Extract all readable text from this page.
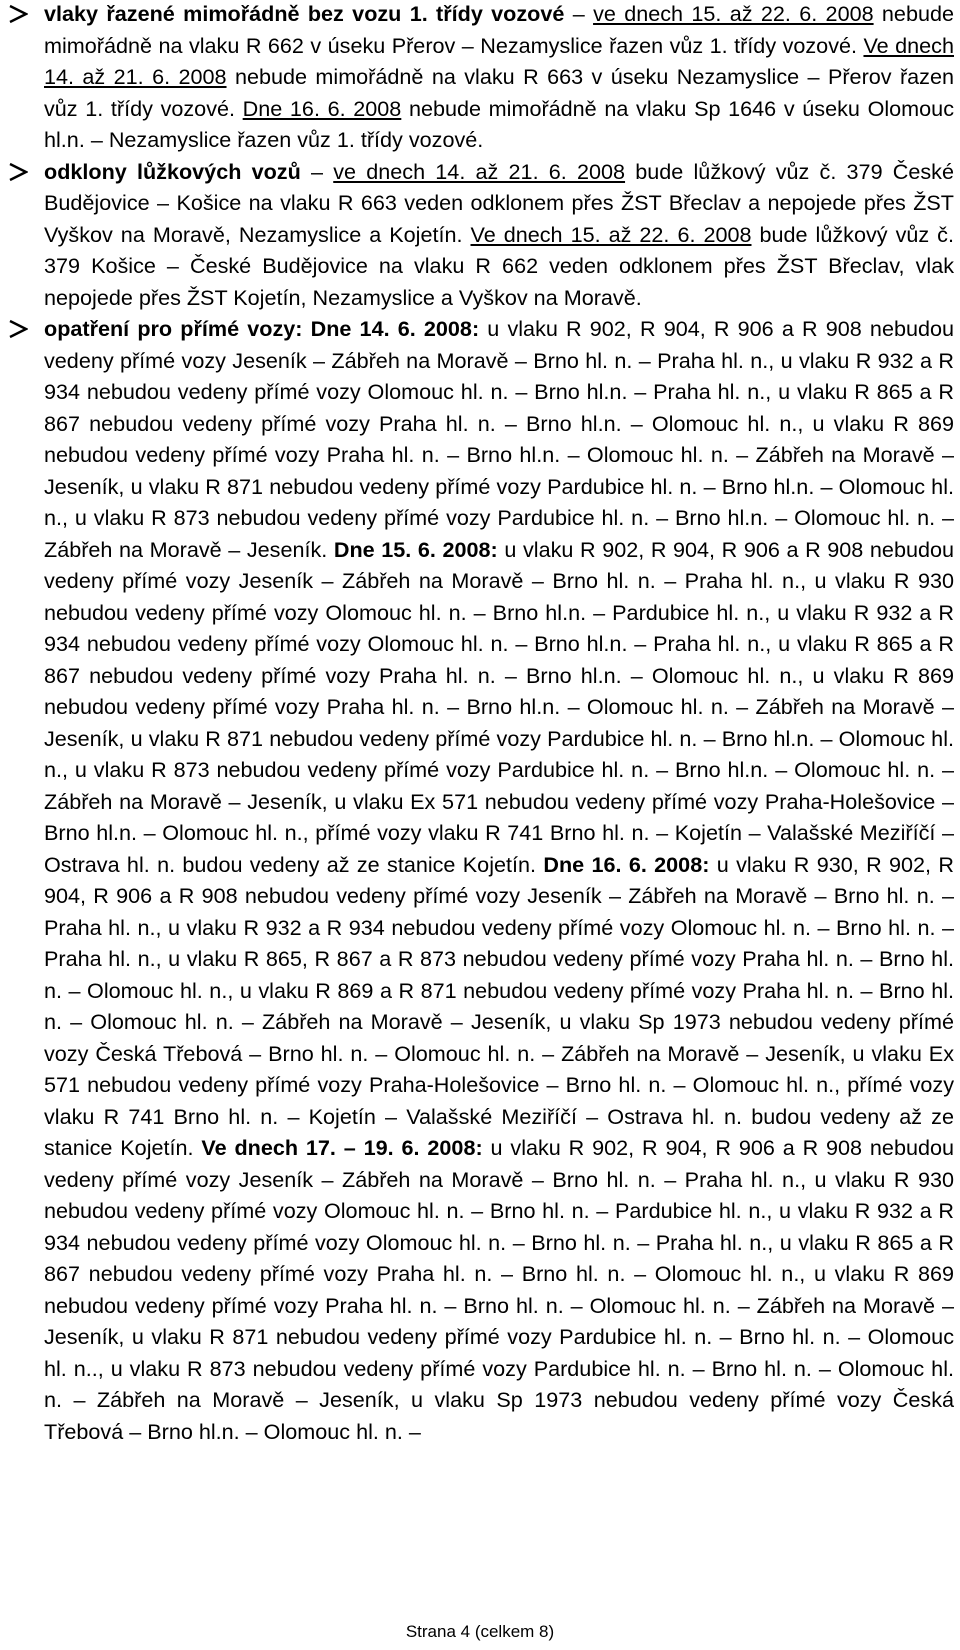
vlaky řazené mimořádně bez vozu 1. třídy vozové – ve dnech 15. až 22. 6. 2008 nebude mimořádně na vlaku R 662 v úseku Přerov – Nezamyslice řazen vůz 1. třídy vozové. Ve dnech 14. až 21. 6. 2008 nebude mimořádně na vlaku R 663 v úseku Nezamyslice – Přerov řazen vůz 1. třídy vozové. Dne 16. 6. 2008 nebude mimořádně na vlaku Sp 1646 v úseku Olomouc hl.n. – Nezamyslice řazen vůz 1. třídy vozové.

odklony lůžkových vozů – ve dnech 14. až 21. 6. 2008 bude lůžkový vůz č. 379 České Budějovice – Košice na vlaku R 663 veden odklonem přes ŽST Břeclav a nepojede přes ŽST Vyškov na Moravě, Nezamyslice a Kojetín. Ve dnech 15. až 22. 6. 2008 bude lůžkový vůz č. 379 Košice – České Budějovice na vlaku R 662 veden odklonem přes ŽST Břeclav, vlak nepojede přes ŽST Kojetín, Nezamyslice a Vyškov na Moravě.

opatření pro přímé vozy: Dne 14. 6. 2008: u vlaku R 902, R 904, R 906 a R 908 nebudou vedeny přímé vozy Jeseník – Zábřeh na Moravě – Brno hl. n. – Praha hl. n., u vlaku R 932 a R 934 nebudou vedeny přímé vozy Olomouc hl. n. – Brno hl.n. – Praha hl. n., u vlaku R 865 a R 867 nebudou vedeny přímé vozy Praha hl. n. – Brno hl.n. – Olomouc hl. n., u vlaku R 869 nebudou vedeny přímé vozy Praha hl. n. – Brno hl.n. – Olomouc hl. n. – Zábřeh na Moravě – Jeseník, u vlaku R 871 nebudou vedeny přímé vozy Pardubice hl. n. – Brno hl.n. – Olomouc hl. n., u vlaku R 873 nebudou vedeny přímé vozy Pardubice hl. n. – Brno hl.n. – Olomouc hl. n. – Zábřeh na Moravě – Jeseník. Dne 15. 6. 2008: u vlaku R 902, R 904, R 906 a R 908 nebudou vedeny přímé vozy Jeseník – Zábřeh na Moravě – Brno hl. n. – Praha hl. n., u vlaku R 930 nebudou vedeny přímé vozy Olomouc hl. n. – Brno hl.n. – Pardubice hl. n., u vlaku R 932 a R 934 nebudou vedeny přímé vozy Olomouc hl. n. – Brno hl.n. – Praha hl. n., u vlaku R 865 a R 867 nebudou vedeny přímé vozy Praha hl. n. – Brno hl.n. – Olomouc hl. n., u vlaku R 869 nebudou vedeny přímé vozy Praha hl. n. – Brno hl.n. – Olomouc hl. n. – Zábřeh na Moravě – Jeseník, u vlaku R 871 nebudou vedeny přímé vozy Pardubice hl. n. – Brno hl.n. – Olomouc hl. n., u vlaku R 873 nebudou vedeny přímé vozy Pardubice hl. n. – Brno hl.n. – Olomouc hl. n. – Zábřeh na Moravě – Jeseník, u vlaku Ex 571 nebudou vedeny přímé vozy Praha-Holešovice – Brno hl.n. – Olomouc hl. n., přímé vozy vlaku R 741 Brno hl. n. – Kojetín – Valašské Meziříčí – Ostrava hl. n. budou vedeny až ze stanice Kojetín. Dne 16. 6. 2008: u vlaku R 930, R 902, R 904, R 906 a R 908 nebudou vedeny přímé vozy Jeseník – Zábřeh na Moravě – Brno hl. n. – Praha hl. n., u vlaku R 932 a R 934 nebudou vedeny přímé vozy Olomouc hl. n. – Brno hl. n. – Praha hl. n., u vlaku R 865, R 867 a R 873 nebudou vedeny přímé vozy Praha hl. n. – Brno hl. n. – Olomouc hl. n., u vlaku R 869 a R 871 nebudou vedeny přímé vozy Praha hl. n. – Brno hl. n. – Olomouc hl. n. – Zábřeh na Moravě – Jeseník, u vlaku Sp 1973 nebudou vedeny přímé vozy Česká Třebová – Brno hl. n. – Olomouc hl. n. – Zábřeh na Moravě – Jeseník, u vlaku Ex 571 nebudou vedeny přímé vozy Praha-Holešovice – Brno hl. n. – Olomouc hl. n., přímé vozy vlaku R 741 Brno hl. n. – Kojetín – Valašské Meziříčí – Ostrava hl. n. budou vedeny až ze stanice Kojetín. Ve dnech 17. – 19. 6. 2008: u vlaku R 902, R 904, R 906 a R 908 nebudou vedeny přímé vozy Jeseník – Zábřeh na Moravě – Brno hl. n. – Praha hl. n., u vlaku R 930 nebudou vedeny přímé vozy Olomouc hl. n. – Brno hl. n. – Pardubice hl. n., u vlaku R 932 a R 934 nebudou vedeny přímé vozy Olomouc hl. n. – Brno hl. n. – Praha hl. n., u vlaku R 865 a R 867 nebudou vedeny přímé vozy Praha hl. n. – Brno hl. n. – Olomouc hl. n., u vlaku R 869 nebudou vedeny přímé vozy Praha hl. n. – Brno hl. n. – Olomouc hl. n. – Zábřeh na Moravě – Jeseník, u vlaku R 871 nebudou vedeny přímé vozy Pardubice hl. n. – Brno hl. n. – Olomouc hl. n.., u vlaku R 873 nebudou vedeny přímé vozy Pardubice hl. n. – Brno hl. n. – Olomouc hl. n. – Zábřeh na Moravě – Jeseník, u vlaku Sp 1973 nebudou vedeny přímé vozy Česká Třebová – Brno hl.n. – Olomouc hl. n. –

Strana 4 (celkem 8)
